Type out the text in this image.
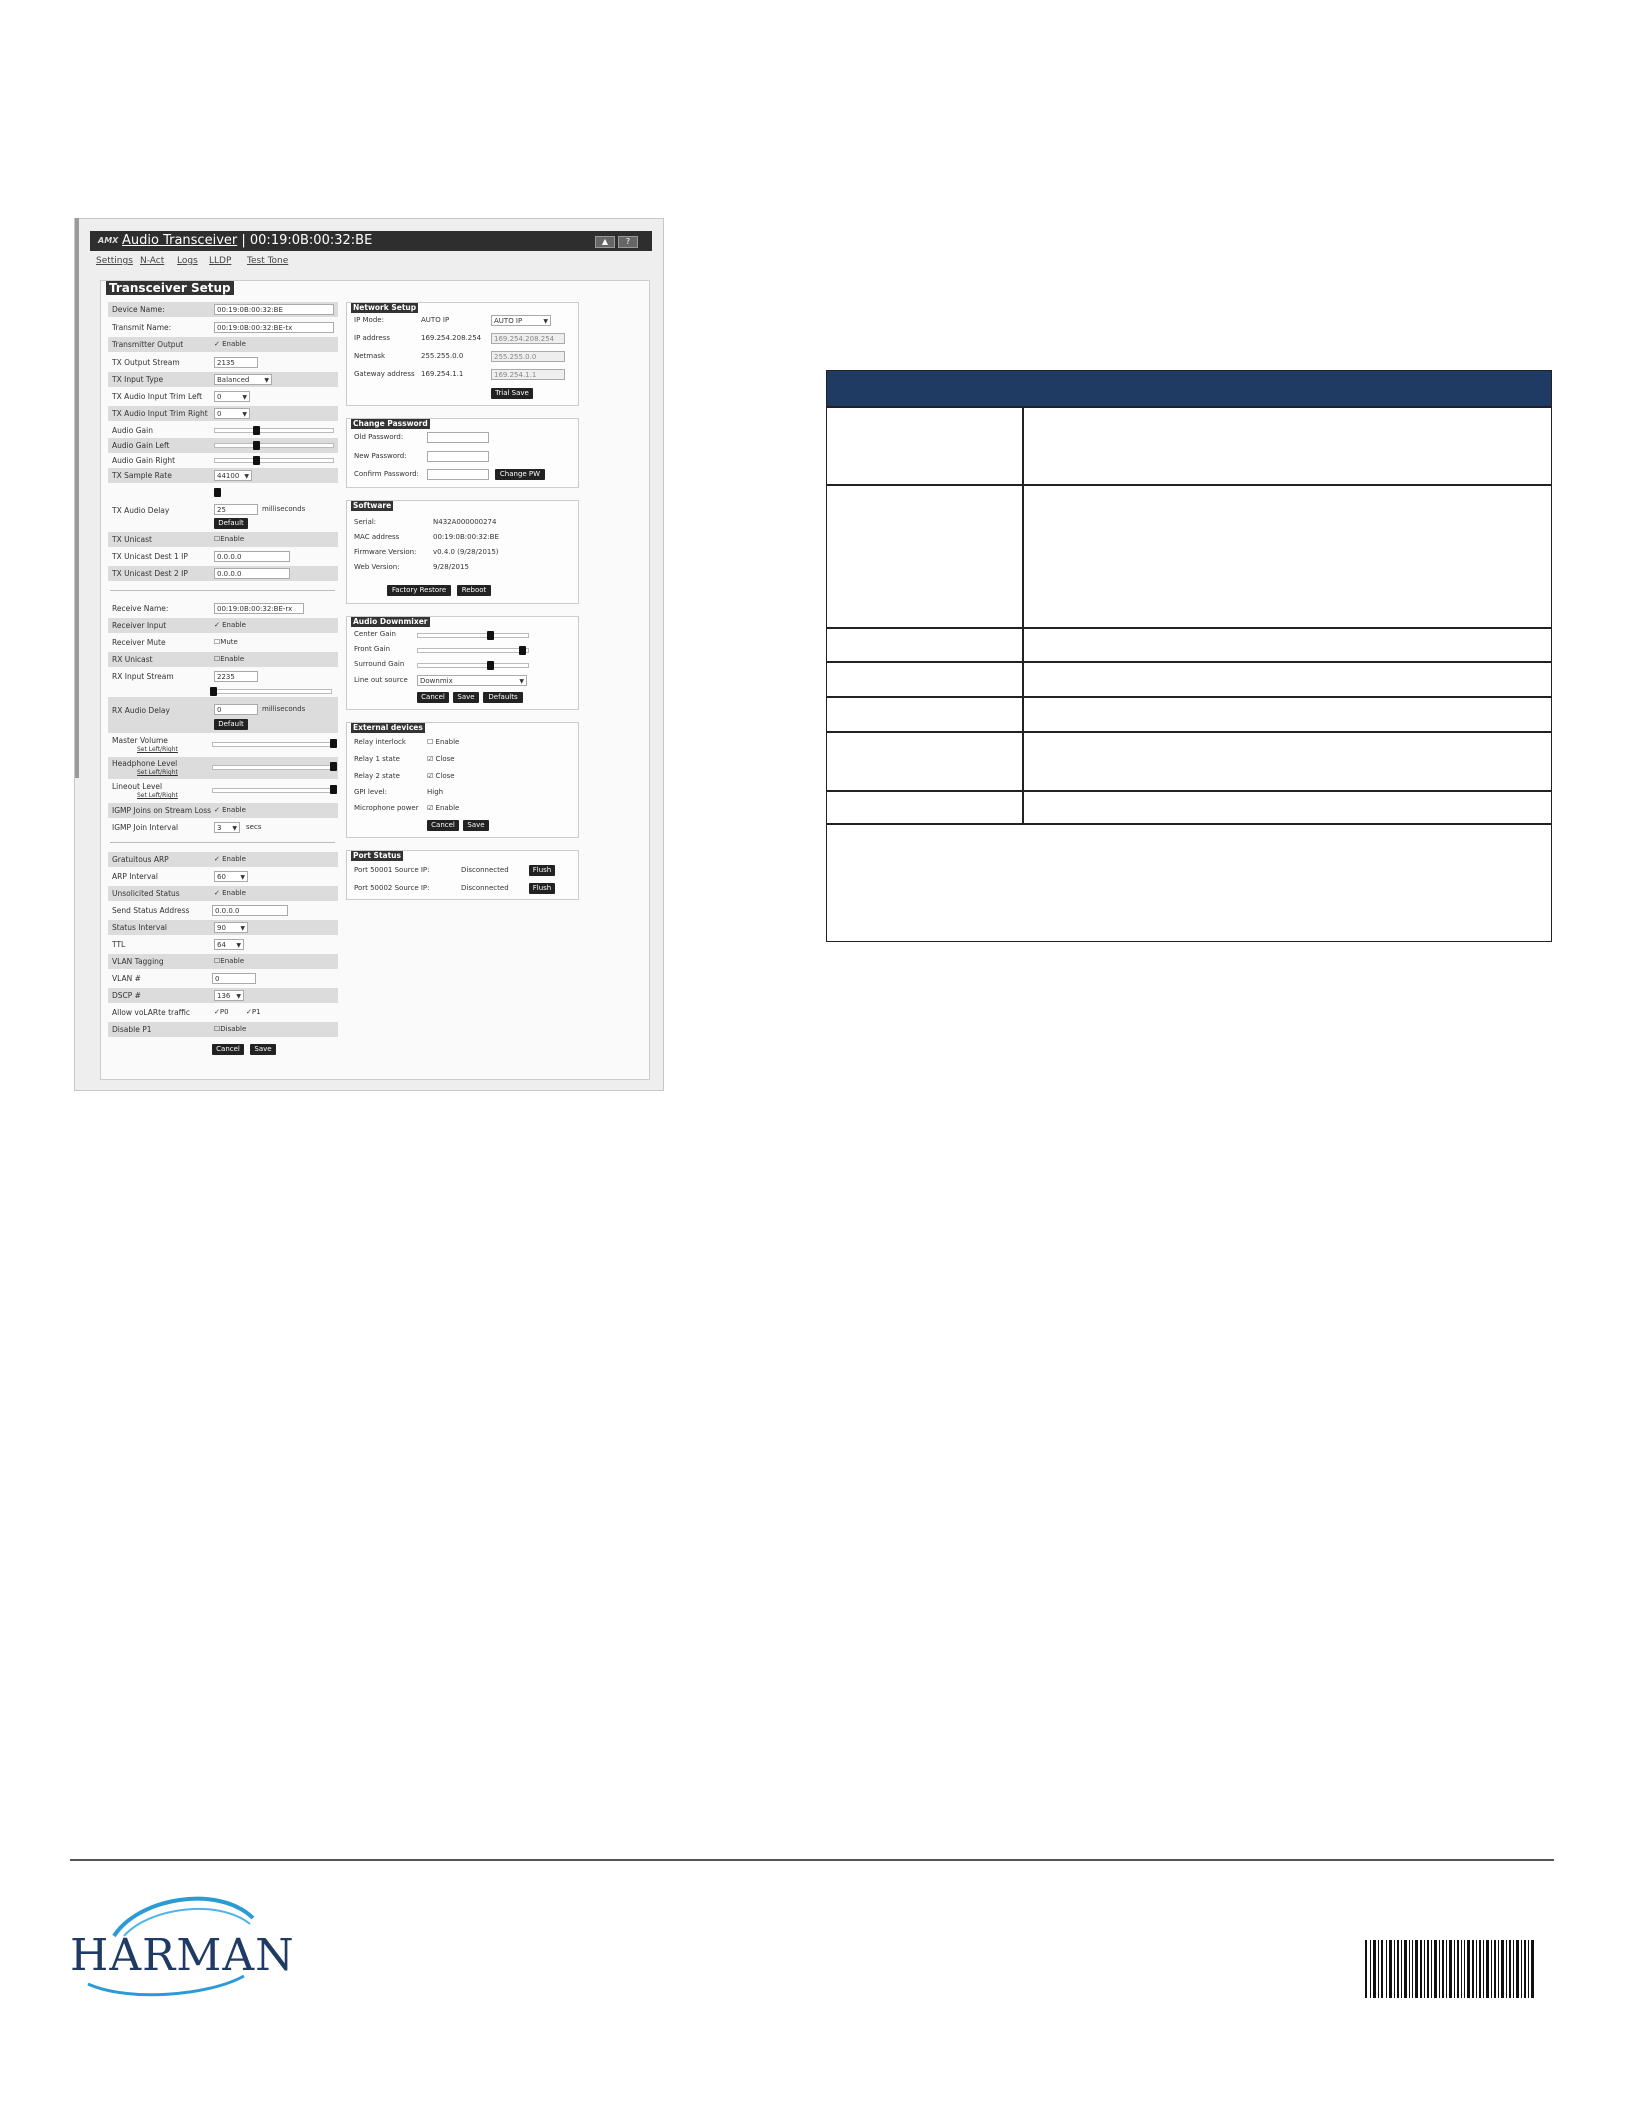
AMX Audio Transceiver | 00:19:0B:00:32:BE	▲	?
Settings N-Act Logs LLDP Test Tone
Transceiver Setup
Device Name:	00:19:0B:00:32:BE
Transmit Name:	00:19:0B:00:32:BE-tx
Transmitter Output	✓ Enable
TX Output Stream	2135
TX Input Type	Balanced	▼
TX Audio Input Trim Left	0	▼
TX Audio Input Trim Right	0	▼
Audio Gain
Audio Gain Left
Audio Gain Right
TX Sample Rate	44100 ▼
TX Audio Delay	25	milliseconds
Default
TX Unicast	☐Enable
TX Unicast Dest 1 IP	0.0.0.0
TX Unicast Dest 2 IP	0.0.0.0
Receive Name:	00:19:0B:00:32:BE-rx
Receiver Input	✓ Enable
Receiver Mute	☐Mute
RX Unicast	☐Enable
RX Input Stream	2235
RX Audio Delay	0	milliseconds
Default
Master Volume
Set Left/Right
Headphone Level
Set Left/Right
Lineout Level
Set Left/Right
IGMP Joins on Stream Loss ✓ Enable
IGMP Join Interval	3 ▼ secs
Gratuitous ARP	✓ Enable
ARP Interval	60 ▼
Unsolicited Status	✓ Enable
Send Status Address	0.0.0.0
Status Interval	90 ▼
TTL	64 ▼
VLAN Tagging	☐Enable
VLAN #	0
DSCP #	136 ▼
Allow voLARte traffic	✓P0 ✓P1
Disable P1	☐Disable
Cancel	Save
Network Setup
IP Mode:	AUTO IP	AUTO IP	▼
IP address	169.254.208.254	169.254.208.254
Netmask	255.255.0.0	255.255.0.0
Gateway address 169.254.1.1	169.254.1.1
Trial Save
Change Password
Old Password:
New Password:
Confirm Password:	Change PW
Software
Serial:	N432A000000274
MAC address	00:19:0B:00:32:BE
Firmware Version: v0.4.0 (9/28/2015)
Web Version:	9/28/2015
Factory Restore	Reboot
Audio Downmixer
Center Gain
Front Gain
Surround Gain
Line out source	Downmix	▼
Cancel	Save	Defaults
External devices
Relay interlock	☐ Enable
Relay 1 state	☑ Close
Relay 2 state	☑ Close
GPI level:	High
Microphone power ☑ Enable
Cancel	Save
Port Status
Port 50001 Source IP:	Disconnected	Flush
Port 50002 Source IP:	Disconnected	Flush
HARMAN
